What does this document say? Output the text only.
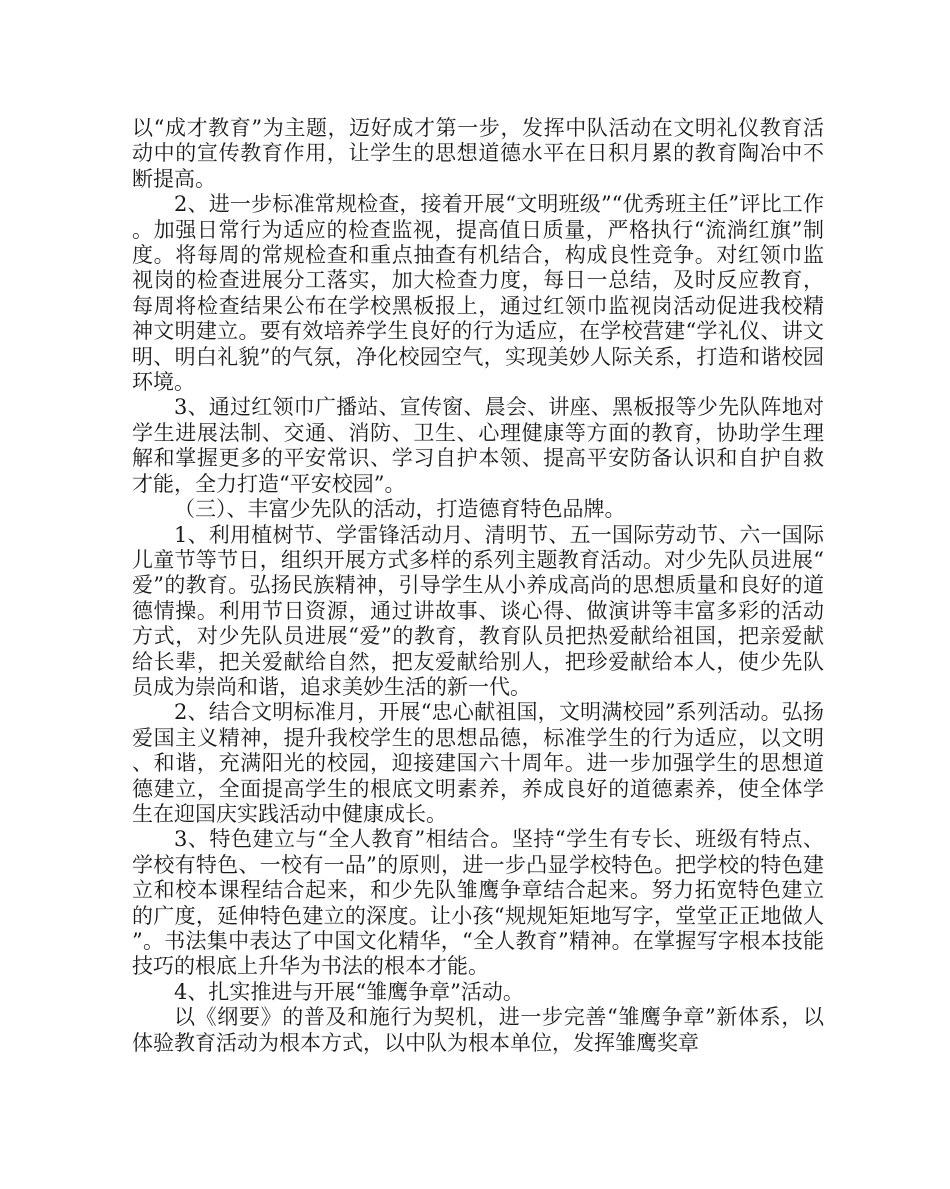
以“成才教育”为主题，迈好成才第一步，发挥中队活动在文明礼仪教育活动中的宣传教育作用，让学生的思想道德水平在日积月累的教育陶冶中不断提高。

2、进一步标准常规检查，接着开展“文明班级”“优秀班主任”评比工作。加强日常行为适应的检查监视，提高值日质量，严格执行“流淌红旗”制度。将每周的常规检查和重点抽查有机结合，构成良性竞争。对红领巾监视岗的检查进展分工落实，加大检查力度，每日一总结，及时反应教育，每周将检查结果公布在学校黑板报上，通过红领巾监视岗活动促进我校精神文明建立。要有效培养学生良好的行为适应，在学校营建“学礼仪、讲文明、明白礼貌”的气氛，净化校园空气，实现美妙人际关系，打造和谐校园环境。

3、通过红领巾广播站、宣传窗、晨会、讲座、黑板报等少先队阵地对学生进展法制、交通、消防、卫生、心理健康等方面的教育，协助学生理解和掌握更多的平安常识、学习自护本领、提高平安防备认识和自护自救才能，全力打造“平安校园”。

（三）、丰富少先队的活动，打造德育特色品牌。

1、利用植树节、学雷锋活动月、清明节、五一国际劳动节、六一国际儿童节等节日，组织开展方式多样的系列主题教育活动。对少先队员进展“爱”的教育。弘扬民族精神，引导学生从小养成高尚的思想质量和良好的道德情操。利用节日资源，通过讲故事、谈心得、做演讲等丰富多彩的活动方式，对少先队员进展“爱”的教育，教育队员把热爱献给祖国，把亲爱献给长辈，把关爱献给自然，把友爱献给别人，把珍爱献给本人，使少先队员成为崇尚和谐，追求美妙生活的新一代。

2、结合文明标准月，开展“忠心献祖国，文明满校园”系列活动。弘扬爱国主义精神，提升我校学生的思想品德，标准学生的行为适应，以文明、和谐，充满阳光的校园，迎接建国六十周年。进一步加强学生的思想道德建立，全面提高学生的根底文明素养，养成良好的道德素养，使全体学生在迎国庆实践活动中健康成长。

3、特色建立与“全人教育”相结合。坚持“学生有专长、班级有特点、学校有特色、一校有一品”的原则，进一步凸显学校特色。把学校的特色建立和校本课程结合起来，和少先队雏鹰争章结合起来。努力拓宽特色建立的广度，延伸特色建立的深度。让小孩“规规矩矩地写字，堂堂正正地做人”。书法集中表达了中国文化精华，“全人教育”精神。在掌握写字根本技能技巧的根底上升华为书法的根本才能。

4、扎实推进与开展“雏鹰争章”活动。

以《纲要》的普及和施行为契机，进一步完善“雏鹰争章”新体系，以体验教育活动为根本方式，以中队为根本单位，发挥雏鹰奖章
